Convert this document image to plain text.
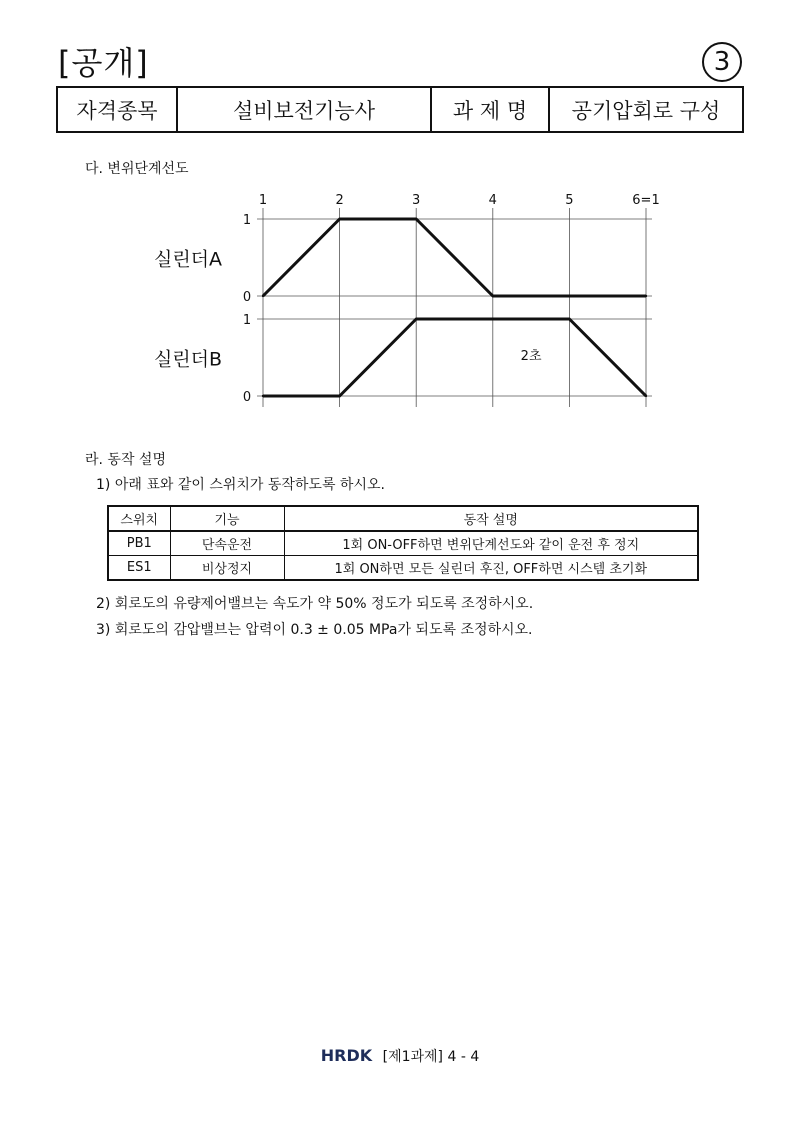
[공개]	3
자격종목	설비보전기능사	과 제 명	공기압회로 구성
다. 변위단계선도
1	2	3	4	5	6=1
1
0
1
0
실린더A
실린더B	2초
라. 동작 설명
1) 아래 표와 같이 스위치가 동작하도록 하시오.
스위치	기능	동작 설명
PB1	단속운전	1회 ON-OFF하면 변위단계선도와 같이 운전 후 정지
ES1	비상정지	1회 ON하면 모든 실린더 후진, OFF하면 시스템 초기화
2) 회로도의 유량제어밸브는 속도가 약 50% 정도가 되도록 조정하시오.
3) 회로도의 감압밸브는 압력이 0.3 ± 0.05 MPa가 되도록 조정하시오.
HRDK [제1과제] 4 - 4
